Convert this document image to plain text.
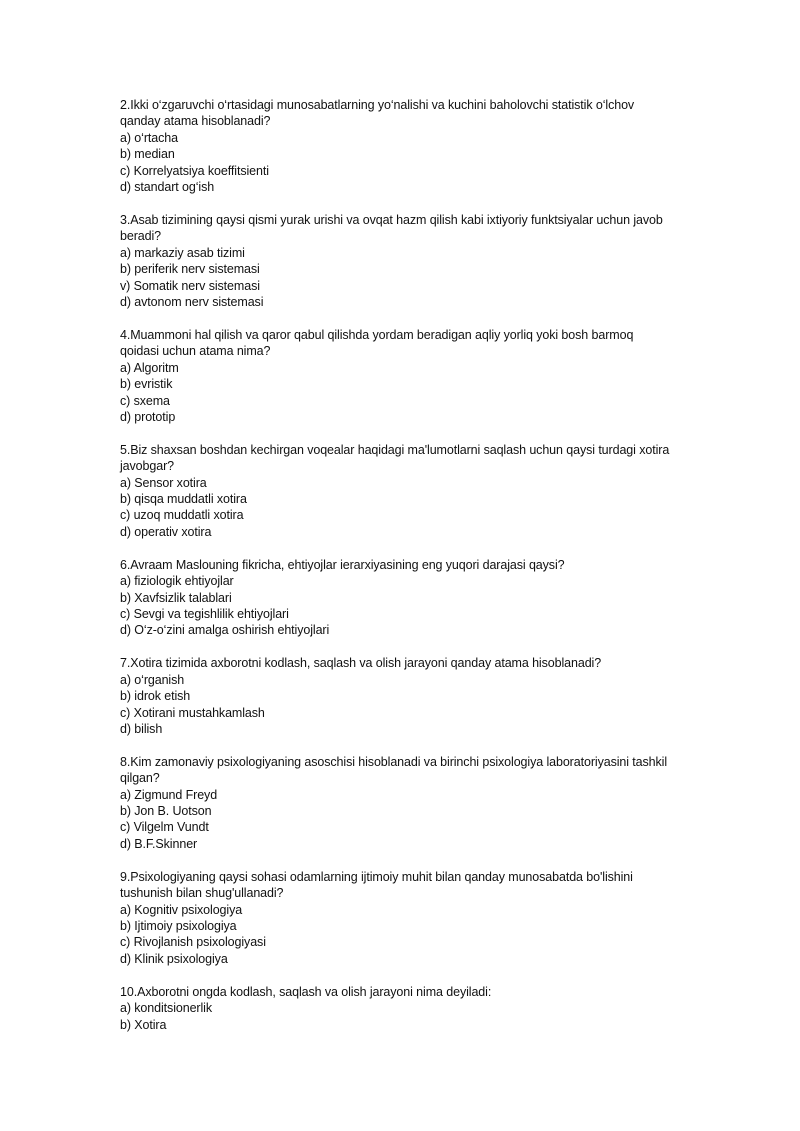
2.Ikki o‘zgaruvchi o‘rtasidagi munosabatlarning yo‘nalishi va kuchini baholovchi statistik o‘lchov
qanday atama hisoblanadi?
a) o‘rtacha
b) median
c) Korrelyatsiya koeffitsienti
d) standart og‘ish
3.Asab tizimining qaysi qismi yurak urishi va ovqat hazm qilish kabi ixtiyoriy funktsiyalar uchun javob
beradi?
a) markaziy asab tizimi
b) periferik nerv sistemasi
v) Somatik nerv sistemasi
d) avtonom nerv sistemasi
4.Muammoni hal qilish va qaror qabul qilishda yordam beradigan aqliy yorliq yoki bosh barmoq
qoidasi uchun atama nima?
a) Algoritm
b) evristik
c) sxema
d) prototip
5.Biz shaxsan boshdan kechirgan voqealar haqidagi ma'lumotlarni saqlash uchun qaysi turdagi xotira
javobgar?
a) Sensor xotira
b) qisqa muddatli xotira
c) uzoq muddatli xotira
d) operativ xotira
6.Avraam Maslouning fikricha, ehtiyojlar ierarxiyasining eng yuqori darajasi qaysi?
a) fiziologik ehtiyojlar
b) Xavfsizlik talablari
c) Sevgi va tegishlilik ehtiyojlari
d) O‘z-o‘zini amalga oshirish ehtiyojlari
7.Xotira tizimida axborotni kodlash, saqlash va olish jarayoni qanday atama hisoblanadi?
a) o‘rganish
b) idrok etish
c) Xotirani mustahkamlash
d) bilish
8.Kim zamonaviy psixologiyaning asoschisi hisoblanadi va birinchi psixologiya laboratoriyasini tashkil
qilgan?
a) Zigmund Freyd
b) Jon B. Uotson
c) Vilgelm Vundt
d) B.F.Skinner
9.Psixologiyaning qaysi sohasi odamlarning ijtimoiy muhit bilan qanday munosabatda bo'lishini
tushunish bilan shug'ullanadi?
a) Kognitiv psixologiya
b) Ijtimoiy psixologiya
c) Rivojlanish psixologiyasi
d) Klinik psixologiya
10.Axborotni ongda kodlash, saqlash va olish jarayoni nima deyiladi:
a) konditsionerlik
b) Xotira
